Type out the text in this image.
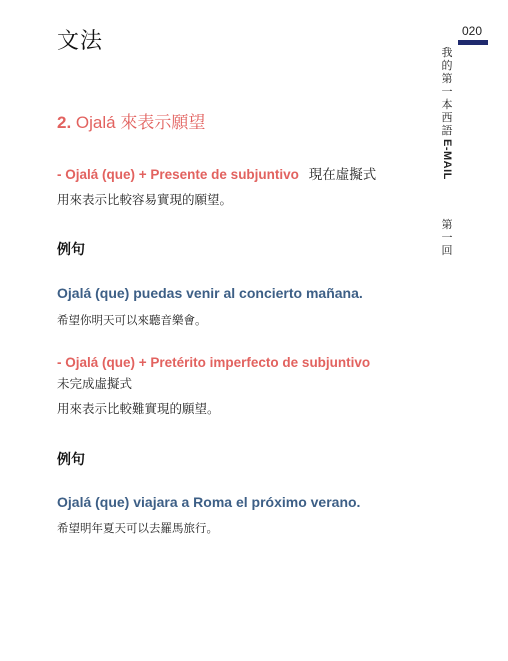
文法	020
我
的
第
一
本
西
語
E-MAIL
第
一
回
2. Ojalá 來表示願望
- Ojalá (que) + Presente de subjuntivo 現在虛擬式
用來表示比較容易實現的願望。
例句
Ojalá (que) puedas venir al concierto mañana.
希望你明天可以來聽音樂會。
- Ojalá (que) + Pretérito imperfecto de subjuntivo
未完成虛擬式
用來表示比較難實現的願望。
例句
Ojalá (que) viajara a Roma el próximo verano.
希望明年夏天可以去羅馬旅行。
